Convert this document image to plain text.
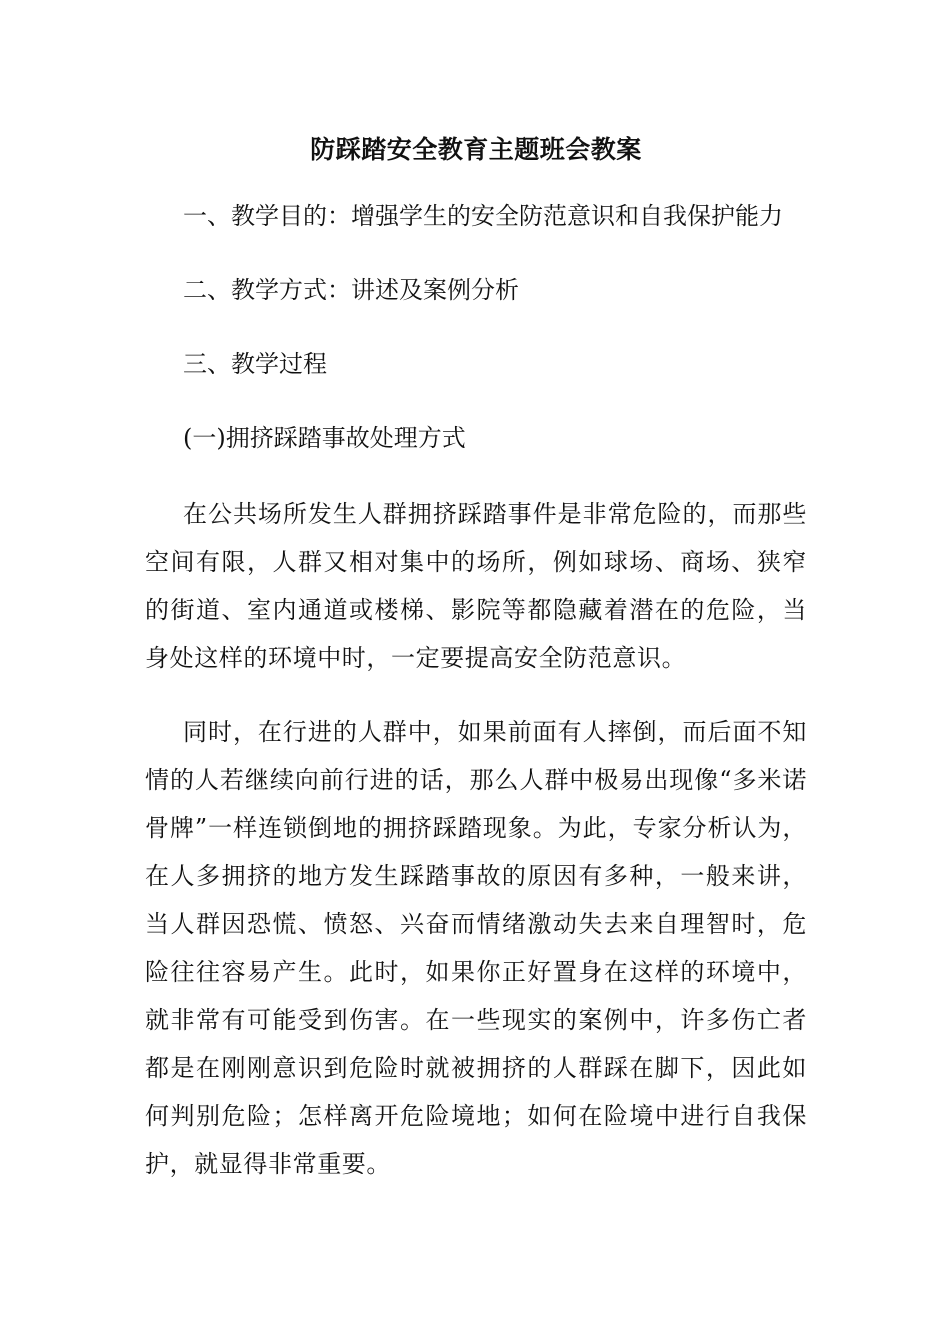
防踩踏安全教育主题班会教案
一、教学目的：增强学生的安全防范意识和自我保护能力
二、教学方式：讲述及案例分析
三、教学过程
(一)拥挤踩踏事故处理方式

在公共场所发生人群拥挤踩踏事件是非常危险的，而那些空间有限，人群又相对集中的场所，例如球场、商场、狭窄的街道、室内通道或楼梯、影院等都隐藏着潜在的危险，当身处这样的环境中时，一定要提高安全防范意识。

同时，在行进的人群中，如果前面有人摔倒，而后面不知情的人若继续向前行进的话，那么人群中极易出现像“多米诺骨牌”一样连锁倒地的拥挤踩踏现象。为此，专家分析认为，在人多拥挤的地方发生踩踏事故的原因有多种，一般来讲，当人群因恐慌、愤怒、兴奋而情绪激动失去来自理智时，危险往往容易产生。此时，如果你正好置身在这样的环境中，就非常有可能受到伤害。在一些现实的案例中，许多伤亡者都是在刚刚意识到危险时就被拥挤的人群踩在脚下，因此如何判别危险；怎样离开危险境地；如何在险境中进行自我保护，就显得非常重要。
